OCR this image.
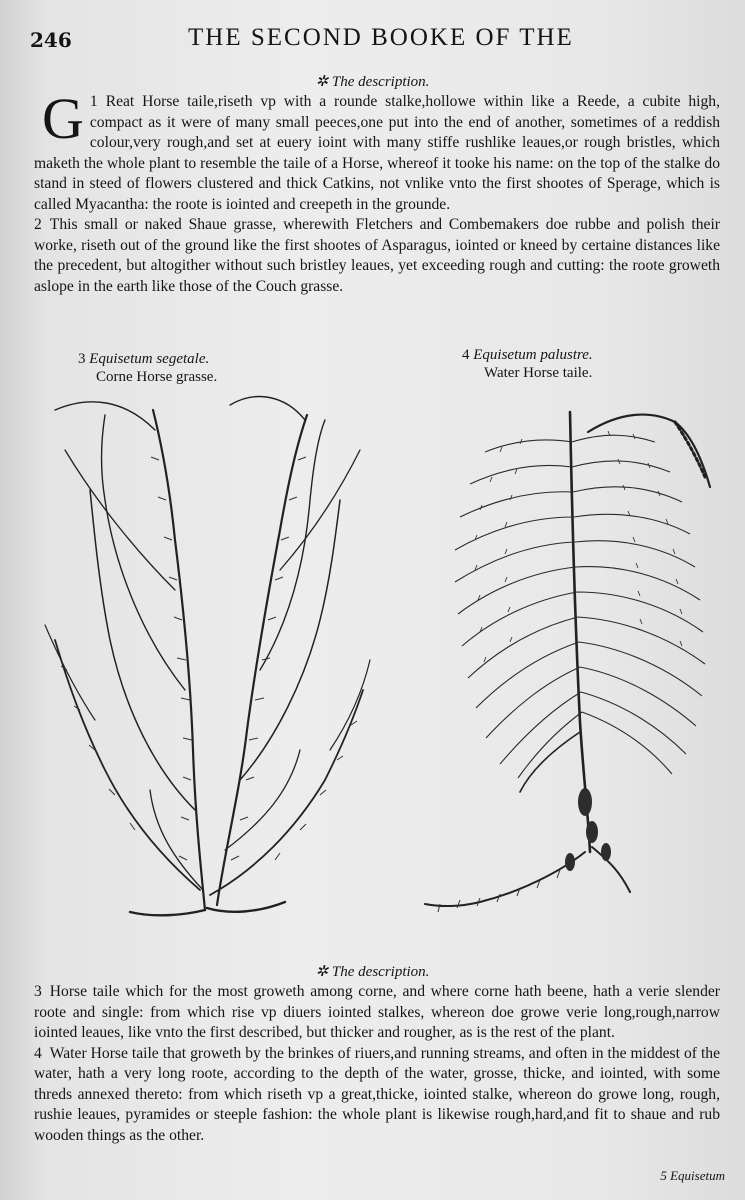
246	THE SECOND BOOKE OF THE
✲ The description.

1
G Reat Horse taile,riseth vp with a rounde stalke,hollowe within like a Reede, a cubite high, compact as it were of many small peeces,one put into the end of another, sometimes of a reddish colour,very rough,and set at euery ioint with many stiffe rushlike leaues,or rough bristles, which maketh the whole plant to resemble the taile of a Horse, whereof it tooke his name: on the top of the stalke do stand in steed of flowers clustered and thick Catkins, not vnlike vnto the first shootes of Sperage, which is called Myacantha: the roote is iointed and creepeth in the grounde.

2 This small or naked Shaue grasse, wherewith Fletchers and Combemakers doe rubbe and polish their worke, riseth out of the ground like the first shootes of Asparagus, iointed or kneed by certaine distances like the precedent, but altogither without such bristley leaues, yet exceeding rough and cutting: the roote groweth aslope in the earth like those of the Couch grasse.

3 Equisetum segetale.
Corne Horse grasse.
4 Equisetum palustre.
Water Horse taile.
✲ The description.

3 Horse taile which for the most groweth among corne, and where corne hath beene, hath a verie slender roote and single: from which rise vp diuers iointed stalkes, whereon doe growe verie long,rough,narrow iointed leaues, like vnto the first described, but thicker and rougher, as is the rest of the plant.

4 Water Horse taile that groweth by the brinkes of riuers,and running streams, and often in the middest of the water, hath a very long roote, according to the depth of the water, grosse, thicke, and iointed, with some threds annexed thereto: from which riseth vp a great,thicke, iointed stalke, whereon do growe long, rough, rushie leaues, pyramides or steeple fashion: the whole plant is likewise rough,hard,and fit to shaue and rub wooden things as the other.

5 Equisetum
